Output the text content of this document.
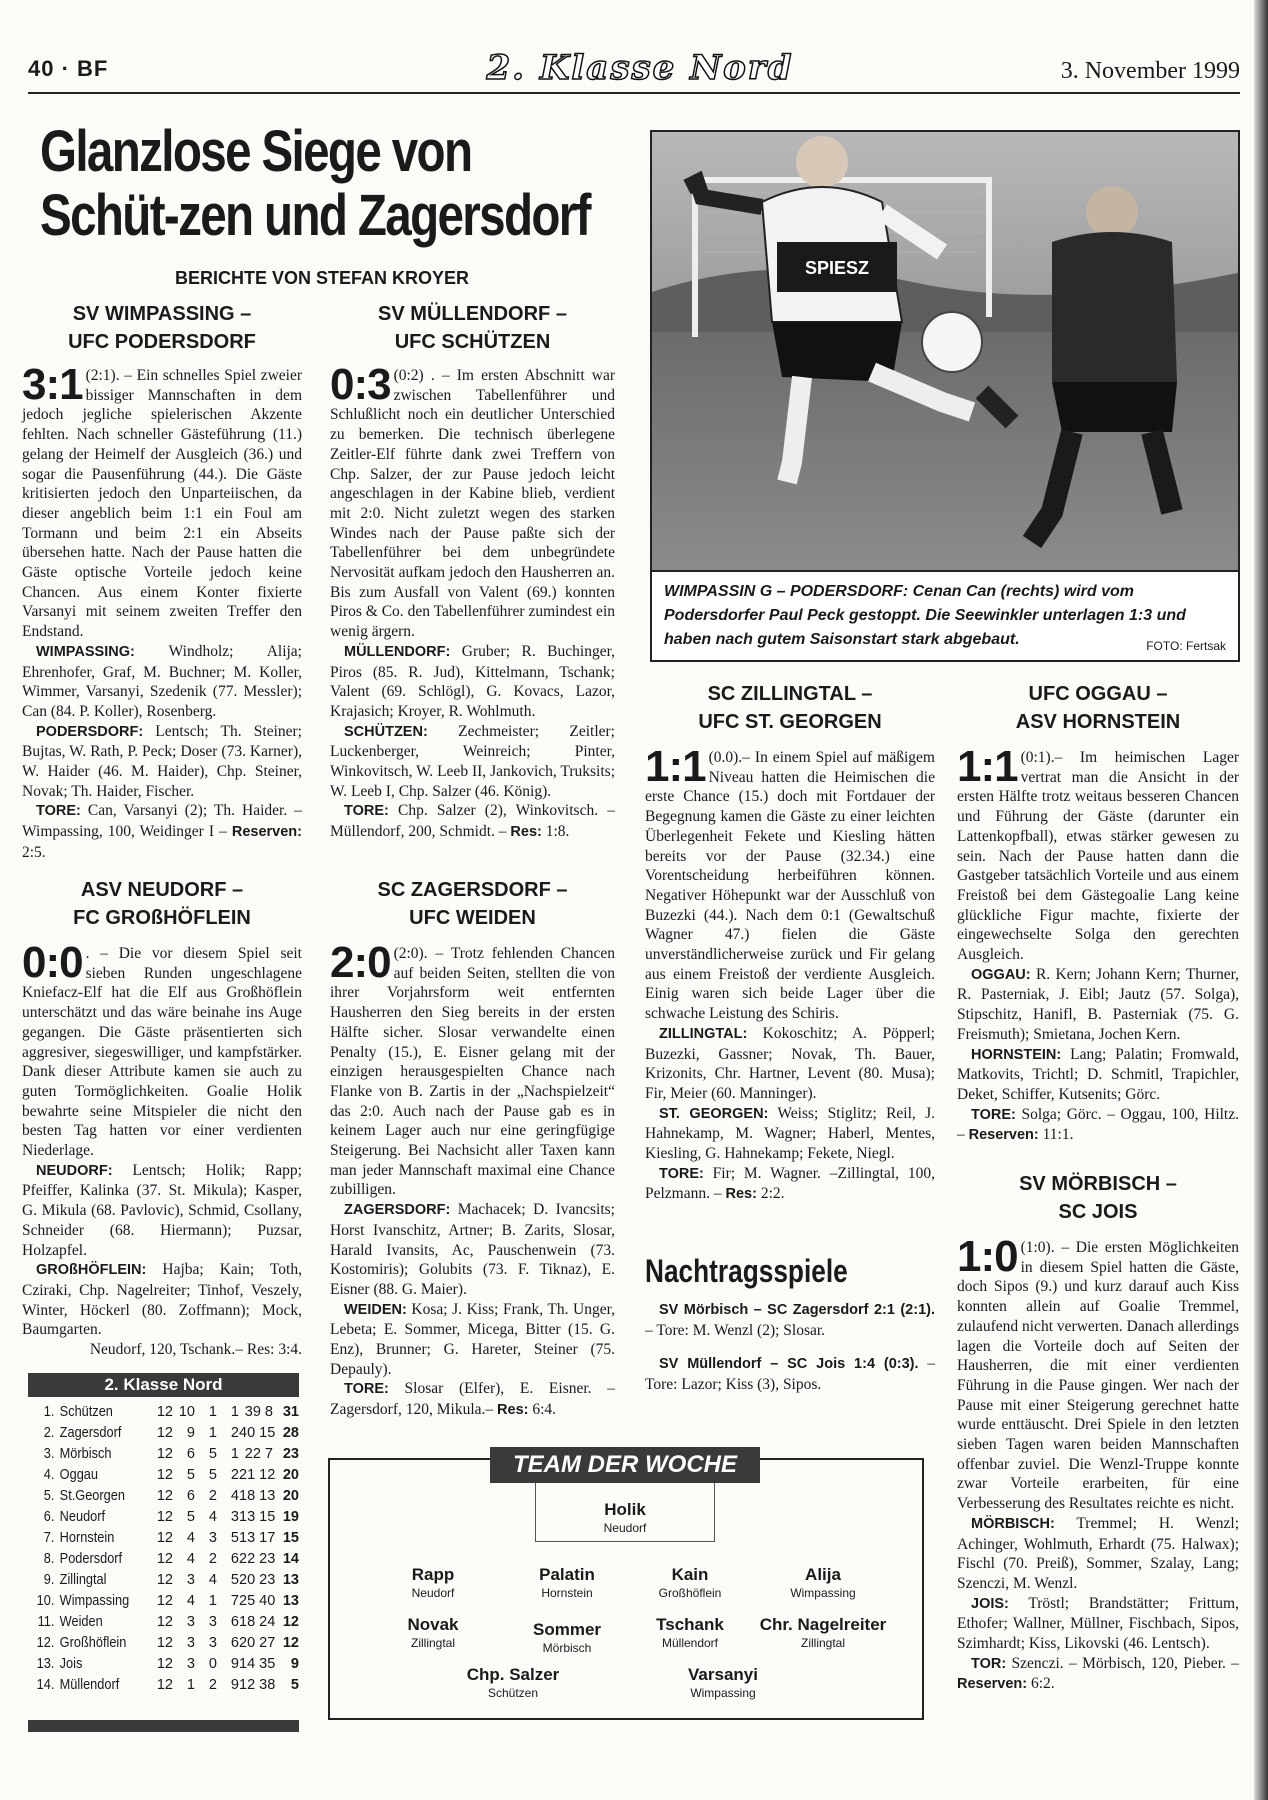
40 · BF	2. Klasse Nord	3. November 1999
Glanzlose Siege von Schüt-zen und Zagersdorf
BERICHTE VON STEFAN KROYER
SV WIMPASSING –
UFC PODERSDORF
3:1 (2:1). – Ein schnelles Spiel zweier bissiger Mannschaften in dem jedoch jegliche spielerischen Akzente fehlten. Nach schneller Gästeführung (11.) gelang der Heimelf der Ausgleich (36.) und sogar die Pausenführung (44.). Die Gäste kritisierten jedoch den Unparteiischen, da dieser angeblich beim 1:1 ein Foul am Tormann und beim 2:1 ein Abseits übersehen hatte. Nach der Pause hatten die Gäste optische Vorteile jedoch keine Chancen. Aus einem Konter fixierte Varsanyi mit seinem zweiten Treffer den Endstand.
WIMPASSING: Windholz; Alija; Ehrenhofer, Graf, M. Buchner; M. Koller, Wimmer, Varsanyi, Szedenik (77. Messler); Can (84. P. Koller), Rosenberg.
PODERSDORF: Lentsch; Th. Steiner; Bujtas, W. Rath, P. Peck; Doser (73. Karner), W. Haider (46. M. Haider), Chp. Steiner, Novak; Th. Haider, Fischer.
TORE: Can, Varsanyi (2); Th. Haider. – Wimpassing, 100, Weidinger I – Reserven: 2:5.
ASV NEUDORF –
FC GROßHÖFLEIN
0:0 . – Die vor diesem Spiel seit sieben Runden ungeschlagene Kniefacz-Elf hat die Elf aus Großhöflein unterschätzt und das wäre beinahe ins Auge gegangen. Die Gäste präsentierten sich aggresiver, siegeswilliger, und kampfstärker. Dank dieser Attribute kamen sie auch zu guten Tormöglichkeiten. Goalie Holik bewahrte seine Mitspieler die nicht den besten Tag hatten vor einer verdienten Niederlage.
NEUDORF: Lentsch; Holik; Rapp; Pfeiffer, Kalinka (37. St. Mikula); Kasper, G. Mikula (68. Pavlovic), Schmid, Csollany, Schneider (68. Hiermann); Puzsar, Holzapfel.
GROßHÖFLEIN: Hajba; Kain; Toth, Cziraki, Chp. Nagelreiter; Tinhof, Veszely, Winter, Höckerl (80. Zoffmann); Mock, Baumgarten.
Neudorf, 120, Tschank.– Res: 3:4.
2. Klasse Nord
1. Schützen	12 10 1 1 39 8 31
2. Zagersdorf	12 9 1 2 40 15 28
3. Mörbisch	12 6 5 1 22 7 23
4. Oggau	12 5 5 2 21 12 20
5. St.Georgen	12 6 2 4 18 13 20
6. Neudorf	12 5 4 3 13 15 19
7. Hornstein	12 4 3 5 13 17 15
8. Podersdorf	12 4 2 6 22 23 14
9. Zillingtal	12 3 4 5 20 23 13
10. Wimpassing	12 4 1 7 25 40 13
11. Weiden	12 3 3 6 18 24 12
12. Großhöflein	12 3 3 6 20 27 12
13. Jois	12 3 0 9 14 35	9
14. Müllendorf	12 1 2 9 12 38	5
SV MÜLLENDORF –
UFC SCHÜTZEN
0:3 (0:2) . – Im ersten Abschnitt war zwischen Tabellenführer und Schlußlicht noch ein deutlicher Unterschied zu bemerken. Die technisch überlegene Zeitler-Elf führte dank zwei Treffern von Chp. Salzer, der zur Pause jedoch leicht angeschlagen in der Kabine blieb, verdient mit 2:0. Nicht zuletzt wegen des starken Windes nach der Pause paßte sich der Tabellenführer bei dem unbegründete Nervosität aufkam jedoch den Hausherren an. Bis zum Ausfall von Valent (69.) konnten Piros & Co. den Tabellenführer zumindest ein wenig ärgern.
MÜLLENDORF: Gruber; R. Buchinger, Piros (85. R. Jud), Kittelmann, Tschank; Valent (69. Schlögl), G. Kovacs, Lazor, Krajasich; Kroyer, R. Wohlmuth.
SCHÜTZEN: Zechmeister; Zeitler; Luckenberger, Weinreich; Pinter, Winkovitsch, W. Leeb II, Jankovich, Truksits; W. Leeb I, Chp. Salzer (46. König).
TORE: Chp. Salzer (2), Winkovitsch. – Müllendorf, 200, Schmidt. – Res: 1:8.
SC ZAGERSDORF –
UFC WEIDEN
2:0 (2:0). – Trotz fehlenden Chancen auf beiden Seiten, stellten die von ihrer Vorjahrsform weit entfernten Hausherren den Sieg bereits in der ersten Hälfte sicher. Slosar verwandelte einen Penalty (15.), E. Eisner gelang mit der einzigen herausgespielten Chance nach Flanke von B. Zartis in der „Nachspielzeit“ das 2:0. Auch nach der Pause gab es in keinem Lager auch nur eine geringfügige Steigerung. Bei Nachsicht aller Taxen kann man jeder Mannschaft maximal eine Chance zubilligen.
ZAGERSDORF: Machacek; D. Ivancsits; Horst Ivanschitz, Artner; B. Zarits, Slosar, Harald Ivansits, Ac, Pauschenwein (73. Kostomiris); Golubits (73. F. Tiknaz), E. Eisner (88. G. Maier).
WEIDEN: Kosa; J. Kiss; Frank, Th. Unger, Lebeta; E. Sommer, Micega, Bitter (15. G. Enz), Brunner; G. Hareter, Steiner (75. Depauly).
TORE: Slosar (Elfer), E. Eisner. – Zagersdorf, 120, Mikula.– Res: 6:4.
SPIESZ
WIMPASSIN G – PODERSDORF: Cenan Can (rechts) wird vom Podersdorfer Paul Peck gestoppt. Die Seewinkler unterlagen 1:3 und haben nach gutem Saisonstart stark abgebaut.	FOTO: Fertsak
SC ZILLINGTAL –
UFC ST. GEORGEN
1:1 (0.0).– In einem Spiel auf mäßigem Niveau hatten die Heimischen die erste Chance (15.) doch mit Fortdauer der Begegnung kamen die Gäste zu einer leichten Überlegenheit Fekete und Kiesling hätten bereits vor der Pause (32.34.) eine Vorentscheidung herbeiführen können. Negativer Höhepunkt war der Ausschluß von Buzezki (44.). Nach dem 0:1 (Gewaltschuß Wagner 47.) fielen die Gäste unverständlicherweise zurück und Fir gelang aus einem Freistoß der verdiente Ausgleich. Einig waren sich beide Lager über die schwache Leistung des Schiris.
ZILLINGTAL: Kokoschitz; A. Pöpperl; Buzezki, Gassner; Novak, Th. Bauer, Krizonits, Chr. Hartner, Levent (80. Musa); Fir, Meier (60. Manninger).
ST. GEORGEN: Weiss; Stiglitz; Reil, J. Hahnekamp, M. Wagner; Haberl, Mentes, Kiesling, G. Hahnekamp; Fekete, Niegl.
TORE: Fir; M. Wagner. –Zillingtal, 100, Pelzmann. – Res: 2:2.
Nachtragsspiele
SV Mörbisch – SC Zagersdorf 2:1 (2:1). – Tore: M. Wenzl (2); Slosar.
SV Müllendorf – SC Jois 1:4 (0:3). – Tore: Lazor; Kiss (3), Sipos.
UFC OGGAU –
ASV HORNSTEIN
1:1 (0:1).– Im heimischen Lager vertrat man die Ansicht in der ersten Hälfte trotz weitaus besseren Chancen und Führung der Gäste (darunter ein Lattenkopfball), etwas stärker gewesen zu sein. Nach der Pause hatten dann die Gastgeber tatsächlich Vorteile und aus einem Freistoß bei dem Gästegoalie Lang keine glückliche Figur machte, fixierte der eingewechselte Solga den gerechten Ausgleich.
OGGAU: R. Kern; Johann Kern; Thurner, R. Pasterniak, J. Eibl; Jautz (57. Solga), Stipschitz, Hanifl, B. Pasterniak (75. G. Freismuth); Smietana, Jochen Kern.
HORNSTEIN: Lang; Palatin; Fromwald, Matkovits, Trichtl; D. Schmitl, Trapichler, Deket, Schiffer, Kutsenits; Görc.
TORE: Solga; Görc. – Oggau, 100, Hiltz. – Reserven: 11:1.
SV MÖRBISCH –
SC JOIS
1:0 (1:0). – Die ersten Möglichkeiten in diesem Spiel hatten die Gäste, doch Sipos (9.) und kurz darauf auch Kiss konnten allein auf Goalie Tremmel, zulaufend nicht verwerten. Danach allerdings lagen die Vorteile doch auf Seiten der Hausherren, die mit einer verdienten Führung in die Pause gingen. Wer nach der Pause mit einer Steigerung gerechnet hatte wurde enttäuscht. Drei Spiele in den letzten sieben Tagen waren beiden Mannschaften offenbar zuviel. Die Wenzl-Truppe konnte zwar Vorteile erarbeiten, für eine Verbesserung des Resultates reichte es nicht.
MÖRBISCH: Tremmel; H. Wenzl; Achinger, Wohlmuth, Erhardt (75. Halwax); Fischl (70. Preiß), Sommer, Szalay, Lang; Szenczi, M. Wenzl.
JOIS: Tröstl; Brandstätter; Frittum, Ethofer; Wallner, Müllner, Fischbach, Sipos, Szimhardt; Kiss, Likovski (46. Lentsch).
TOR: Szenczi. – Mörbisch, 120, Pieber. – Reserven: 6:2.
TEAM DER WOCHE
Holik
Neudorf
Rapp
Neudorf
Palatin
Hornstein
Kain
Großhöflein
Alija
Wimpassing
Novak
Zillingtal
Sommer
Mörbisch
Tschank
Müllendorf
Chr. Nagelreiter
Zillingtal
Chp. Salzer
Schützen
Varsanyi
Wimpassing
